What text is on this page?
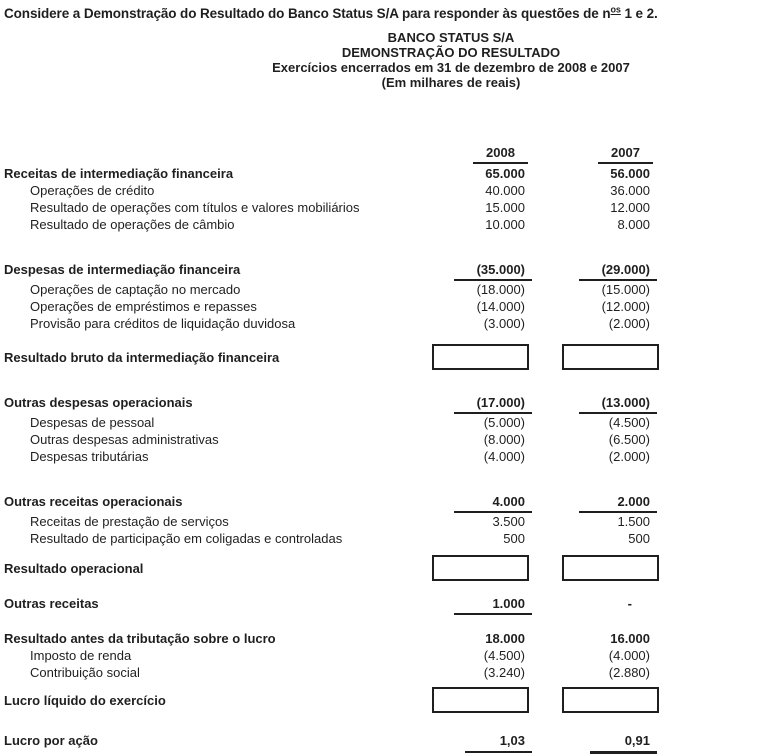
Considere a Demonstração do Resultado do Banco Status S/A para responder às questões de $n^{os}$ 1 e 2.

BANCO STATUS S/A
DEMONSTRAÇÃO DO RESULTADO
Exercícios encerrados em 31 de dezembro de 2008 e 2007
(Em milhares de reais)
2008	2007
Receitas de intermediação financeira	65.000	56.000
Operações de crédito	40.000	36.000
Resultado de operações com títulos e valores mobiliários	15.000	12.000
Resultado de operações de câmbio	10.000	8.000
Despesas de intermediação financeira	(35.000)	(29.000)
Operações de captação no mercado	(18.000)	(15.000)
Operações de empréstimos e repasses	(14.000)	(12.000)
Provisão para créditos de liquidação duvidosa	(3.000)	(2.000)
Resultado bruto da intermediação financeira
Outras despesas operacionais	(17.000)	(13.000)
Despesas de pessoal	(5.000)	(4.500)
Outras despesas administrativas	(8.000)	(6.500)
Despesas tributárias	(4.000)	(2.000)
Outras receitas operacionais	4.000	2.000
Receitas de prestação de serviços	3.500	1.500
Resultado de participação em coligadas e controladas	500	500
Resultado operacional
Outras receitas	1.000	-
Resultado antes da tributação sobre o lucro	18.000	16.000
Imposto de renda	(4.500)	(4.000)
Contribuição social	(3.240)	(2.880)
Lucro líquido do exercício
Lucro por ação	1,03	0,91
